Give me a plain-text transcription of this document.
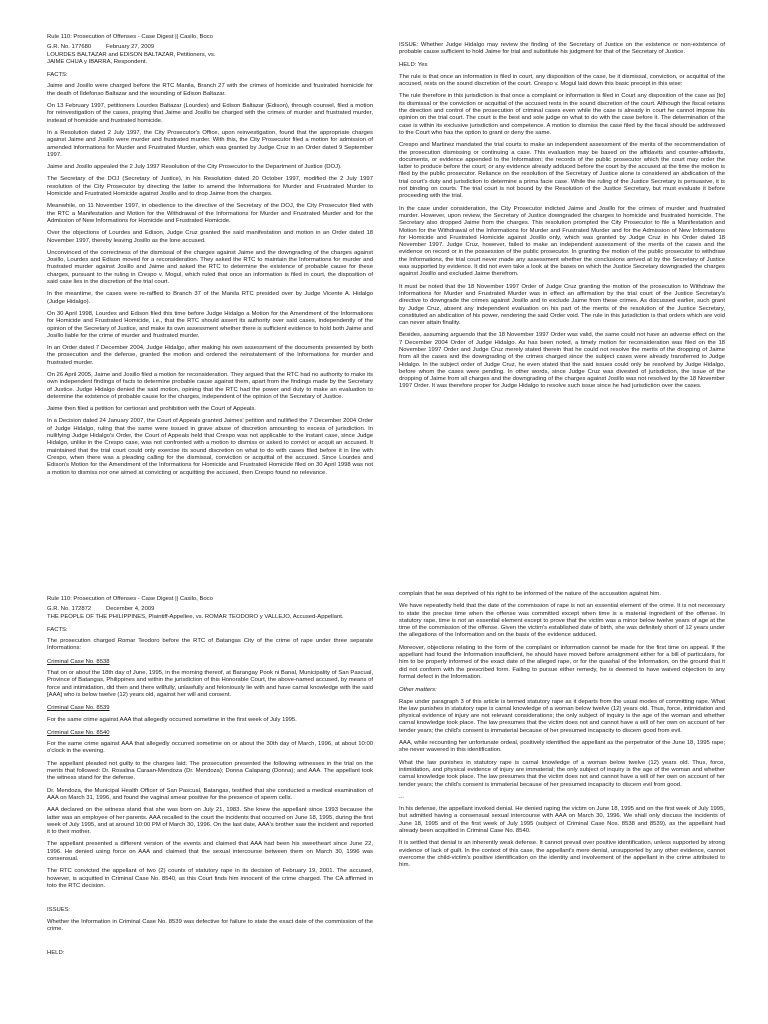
Rule 110: Prosecution of Offenses - Case Digest || Casilo, Boco

G.R. No. 177680 February 27, 2009

LOURDES BALTAZAR and EDISON BALTAZAR, Petitioners, vs.

JAIME CHUA y IBARRA, Respondent.

FACTS:

Jaime and Josillo were charged before the RTC Manila, Branch 27 with the crimes of homicide and frustrated homicide for the death of Ildefonso Baltazar and the wounding of Edison Baltazar.

On 13 February 1997, petitioners Lourdes Baltazar (Lourdes) and Edison Baltazar (Edison), through counsel, filed a motion for reinvestigation of the cases, praying that Jaime and Josillo be charged with the crimes of murder and frustrated murder, instead of homicide and frustrated homicide.

In a Resolution dated 2 July 1997, the City Prosecutor's Office, upon reinvestigation, found that the appropriate charges against Jaime and Josillo were murder and frustrated murder. With this, the City Prosecutor filed a motion for admission of amended informations for Murder and Frustrated Murder, which was granted by Judge Cruz in an Order dated 9 September 1997.

Jaime and Josillo appealed the 2 July 1997 Resolution of the City Prosecutor to the Department of Justice (DOJ).

The Secretary of the DOJ (Secretary of Justice), in his Resolution dated 20 October 1997, modified the 2 July 1997 resolution of the City Prosecutor by directing the latter to amend the Informations for Murder and Frustrated Murder to Homicide and Frustrated Homicide against Josillo and to drop Jaime from the charges.

Meanwhile, on 11 November 1997, in obedience to the directive of the Secretary of the DOJ, the City Prosecutor filed with the RTC a Manifestation and Motion for the Withdrawal of the Informations for Murder and Frustrated Murder and for the Admission of New Informations for Homicide and Frustrated Homicide.

Over the objections of Lourdes and Edison, Judge Cruz granted the said manifestation and motion in an Order dated 18 November 1997, thereby leaving Josillo as the lone accused.

Unconvinced of the correctness of the dismissal of the charges against Jaime and the downgrading of the charges against Josillo, Lourdes and Edison moved for a reconsideration. They asked the RTC to maintain the Informations for murder and frustrated murder against Josillo and Jaime and asked the RTC to determine the existence of probable cause for these charges, pursuant to the ruling in Crespo v. Mogul, which ruled that once an information is filed in court, the disposition of said case lies in the discretion of the trial court.

In the meantime, the cases were re-raffled to Branch 37 of the Manila RTC presided over by Judge Vicente A. Hidalgo (Judge Hidalgo).

On 30 April 1998, Lourdes and Edison filed this time before Judge Hidalgo a Motion for the Amendment of the Informations for Homicide and Frustrated Homicide, i.e., that the RTC should assert its authority over said cases, independently of the opinion of the Secretary of Justice, and make its own assessment whether there is sufficient evidence to hold both Jaime and Josillo liable for the crime of murder and frustrated murder.

In an Order dated 7 December 2004, Judge Hidalgo, after making his own assessment of the documents presented by both the prosecution and the defense, granted the motion and ordered the reinstatement of the Informations for murder and frustrated murder.

On 26 April 2005, Jaime and Josillo filed a motion for reconsideration. They argued that the RTC had no authority to make its own independent findings of facts to determine probable cause against them, apart from the findings made by the Secretary of Justice. Judge Hidalgo denied the said motion, opining that the RTC had the power and duty to make an evaluation to determine the existence of probable cause for the charges, independent of the opinion of the Secretary of Justice.

Jaime then filed a petition for certiorari and prohibition with the Court of Appeals.

In a Decision dated 24 January 2007, the Court of Appeals granted Jaimes' petition and nullified the 7 December 2004 Order of Judge Hidalgo, ruling that the same were issued in grave abuse of discretion amounting to excess of jurisdiction. In nullifying Judge Hidalgo's Order, the Court of Appeals held that Crespo was not applicable to the instant case, since Judge Hidalgo, unlike in the Crespo case, was not confronted with a motion to dismiss or asked to convict or acquit an accused. It maintained that the trial court could only exercise its sound discretion on what to do with cases filed before it in line with Crespo, when there was a pleading calling for the dismissal, conviction or acquittal of the accused. Since Lourdes and Edison's Motion for the Amendment of the Informations for Homicide and Frustrated Homicide filed on 30 April 1998 was not a motion to dismiss nor one aimed at convicting or acquitting the accused, then Crespo found no relevance.

ISSUE: Whether Judge Hidalgo may review the finding of the Secretary of Justice on the existence or non-existence of probable cause sufficient to hold Jaime for trial and substitute his judgment for that of the Secretary of Justice.

HELD: Yes

The rule is that once an information is filed in court, any disposition of the case, be it dismissal, conviction, or acquittal of the accused, rests on the sound discretion of the court. Crespo v. Mogul laid down this basic precept in this wise:

The rule therefore in this jurisdiction is that once a complaint or information is filed in Court any disposition of the case as [to] its dismissal or the conviction or acquittal of the accused rests in the sound discretion of the court. Although the fiscal retains the direction and control of the prosecution of criminal cases even while the case is already in court he cannot impose his opinion on the trial court. The court is the best and sole judge on what to do with the case before it. The determination of the case is within its exclusive jurisdiction and competence. A motion to dismiss the case filed by the fiscal should be addressed to the Court who has the option to grant or deny the same.

Crespo and Martinez mandated the trial courts to make an independent assessment of the merits of the recommendation of the prosecution dismissing or continuing a case. This evaluation may be based on the affidavits and counter-affidavits, documents, or evidence appended to the Information; the records of the public prosecutor which the court may order the latter to produce before the court; or any evidence already adduced before the court by the accused at the time the motion is filed by the public prosecutor. Reliance on the resolution of the Secretary of Justice alone is considered an abdication of the trial court's duty and jurisdiction to determine a prima facie case. While the ruling of the Justice Secretary is persuasive, it is not binding on courts. The trial court is not bound by the Resolution of the Justice Secretary, but must evaluate it before proceeding with the trial.

In the case under consideration, the City Prosecutor indicted Jaime and Josillo for the crimes of murder and frustrated murder. However, upon review, the Secretary of Justice downgraded the charges to homicide and frustrated homicide. The Secretary also dropped Jaime from the charges. This resolution prompted the City Prosecutor to file a Manifestation and Motion for the Withdrawal of the Informations for Murder and Frustrated Murder and for the Admission of New Informations for Homicide and Frustrated Homicide against Josillo only, which was granted by Judge Cruz in his Order dated 18 November 1997. Judge Cruz, however, failed to make an independent assessment of the merits of the cases and the evidence on record or in the possession of the public prosecutor. In granting the motion of the public prosecutor to withdraw the Informations, the trial court never made any assessment whether the conclusions arrived at by the Secretary of Justice was supported by evidence. It did not even take a look at the bases on which the Justice Secretary downgraded the charges against Josillo and excluded Jaime therefrom.

It must be noted that the 18 November 1997 Order of Judge Cruz granting the motion of the prosecution to Withdraw the Informations for Murder and Frustrated Murder was in effect an affirmation by the trial court of the Justice Secretary's directive to downgrade the crimes against Josillo and to exclude Jaime from these crimes. As discussed earlier, such grant by Judge Cruz, absent any independent evaluation on his part of the merits of the resolution of the Justice Secretary, constituted an abdication of his power, rendering the said Order void. The rule in this jurisdiction is that orders which are void can never attain finality.

Besides, assuming arguendo that the 18 November 1997 Order was valid, the same could not have an adverse effect on the 7 December 2004 Order of Judge Hidalgo. As has been noted, a timely motion for reconsideration was filed on the 18 November 1997 Order and Judge Cruz merely stated therein that he could not resolve the merits of the dropping of Jaime from all the cases and the downgrading of the crimes charged since the subject cases were already transferred to Judge Hidalgo. In the subject order of Judge Cruz, he even stated that the said issues could only be resolved by Judge Hidalgo, before whom the cases were pending. In other words, since Judge Cruz was divested of jurisdiction, the issue of the dropping of Jaime from all charges and the downgrading of the charges against Josillo was not resolved by the 18 November 1997 Order. It was therefore proper for Judge Hidalgo to resolve such issue since he had jurisdiction over the cases.

Rule 110: Prosecution of Offenses - Case Digest || Casilo, Boco

G.R. No. 172872 December 4, 2009

THE PEOPLE OF THE PHILIPPINES, Plaintiff-Appellee, vs. ROMAR TEODORO y VALLEJO, Accused-Appellant.

FACTS:

The prosecution charged Romar Teodoro before the RTC of Batangas City of the crime of rape under three separate Informations:

Criminal Case No. 8538

That on or about the 18th day of June, 1995, in the morning thereof, at Barangay Pook ni Banal, Municipality of San Pascual, Province of Batangas, Philippines and within the jurisdiction of this Honorable Court, the above-named accused, by means of force and intimidation, did then and there willfully, unlawfully and feloniously lie with and have carnal knowledge with the said [AAA] who is below twelve (12) years old, against her will and consent.

Criminal Case No. 8539

For the same crime against AAA that allegedly occurred sometime in the first week of July 1995.

Criminal Case No. 8540

For the same crime against AAA that allegedly occurred sometime on or about the 30th day of March, 1996, at about 10:00 o'clock in the evening.

The appellant pleaded not guilty to the charges laid. The prosecution presented the following witnesses in the trial on the merits that followed: Dr. Rosalina Caraan-Mendoza (Dr. Mendoza); Donna Calapang (Donna); and AAA. The appellant took the witness stand for the defense.

Dr. Mendoza, the Municipal Health Officer of San Pascual, Batangas, testified that she conducted a medical examination of AAA on March 31, 1996, and found the vaginal smear positive for the presence of sperm cells.

AAA declared on the witness stand that she was born on July 21, 1983. She knew the appellant since 1993 because the latter was an employee of her parents. AAA recalled to the court the incidents that occurred on June 18, 1995, during the first week of July 1995, and at around 10:00 PM of March 30, 1996. On the last date, AAA's brother saw the incident and reported it to their mother.

The appellant presented a different version of the events and claimed that AAA had been his sweetheart since June 22, 1996. He denied using force on AAA and claimed that the sexual intercourse between them on March 30, 1996 was consensual.

The RTC convicted the appellant of two (2) counts of statutory rape in its decision of February 19, 2001. The accused, however, is acquitted in Criminal Case No. 8540, as this Court finds him innocent of the crime charged. The CA affirmed in toto the RTC decision.

ISSUES:

Whether the Information in Criminal Case No. 8539 was defective for failure to state the exact date of the commission of the crime.

HELD:

complain that he was deprived of his right to be informed of the nature of the accusation against him.

We have repeatedly held that the date of the commission of rape is not an essential element of the crime. It is not necessary to state the precise time when the offense was committed except when time is a material ingredient of the offense. In statutory rape, time is not an essential element except to prove that the victim was a minor below twelve years of age at the time of the commission of the offense. Given the victim's established date of birth, she was definitely short of 12 years under the allegations of the Information and on the basis of the evidence adduced.

Moreover, objections relating to the form of the complaint or information cannot be made for the first time on appeal. If the appellant had found the Information insufficient, he should have moved before arraignment either for a bill of particulars, for him to be properly informed of the exact date of the alleged rape, or for the quashal of the Information, on the ground that it did not conform with the prescribed form. Failing to pursue either remedy, he is deemed to have waived objection to any formal defect in the Information.

Other matters:

Rape under paragraph 3 of this article is termed statutory rape as it departs from the usual modes of committing rape. What the law punishes in statutory rape is carnal knowledge of a woman below twelve (12) years old. Thus, force, intimidation and physical evidence of injury are not relevant considerations; the only subject of inquiry is the age of the woman and whether carnal knowledge took place. The law presumes that the victim does not and cannot have a will of her own on account of her tender years; the child's consent is immaterial because of her presumed incapacity to discern good from evil.

AAA, while recounting her unfortunate ordeal, positively identified the appellant as the perpetrator of the June 18, 1995 rape; she never wavered in this identification.

What the law punishes in statutory rape is carnal knowledge of a woman below twelve (12) years old. Thus, force, intimidation, and physical evidence of injury are immaterial; the only subject of inquiry is the age of the woman and whether carnal knowledge took place. The law presumes that the victim does not and cannot have a will of her own on account of her tender years; the child's consent is immaterial because of her presumed incapacity to discern evil from good.

...

In his defense, the appellant invoked denial. He denied raping the victim on June 18, 1995 and on the first week of July 1995, but admitted having a consensual sexual intercourse with AAA on March 30, 1996. We shall only discuss the incidents of June 18, 1995 and of the first week of July 1995 (subject of Criminal Case Nos. 8538 and 8539), as the appellant had already been acquitted in Criminal Case No. 8540.

It is settled that denial is an inherently weak defense. It cannot prevail over positive identification, unless supported by strong evidence of lack of guilt. In the context of this case, the appellant's mere denial, unsupported by any other evidence, cannot overcome the child-victim's positive identification on the identity and involvement of the appellant in the crime attributed to him.
